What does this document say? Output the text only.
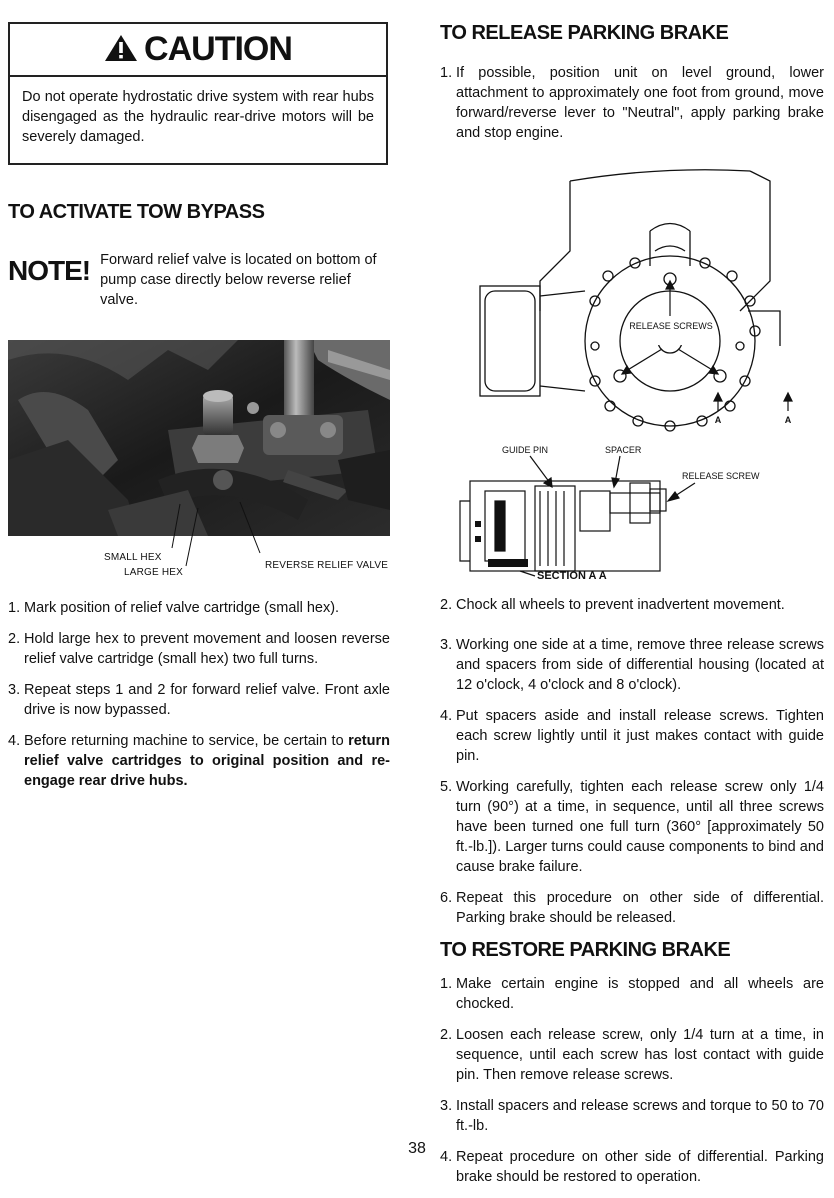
CAUTION
Do not operate hydrostatic drive system with rear hubs disengaged as the hydraulic rear-drive motors will be severely damaged.
TO ACTIVATE TOW BYPASS
NOTE! Forward relief valve is located on bottom of pump case directly below reverse relief valve.
SMALL HEX
LARGE HEX
REVERSE RELIEF VALVE
1. Mark position of relief valve cartridge (small hex).
2. Hold large hex to prevent movement and loosen reverse relief valve cartridge (small hex) two full turns.
3. Repeat steps 1 and 2 for forward relief valve. Front axle drive is now bypassed.
4. Before returning machine to service, be certain to return relief valve cartridges to original position and re-engage rear drive hubs.
TO RELEASE PARKING BRAKE
1. If possible, position unit on level ground, lower attachment to approximately one foot from ground, move forward/reverse lever to "Neutral", apply parking brake and stop engine.
RELEASE SCREWS
A	A
GUIDE PIN	SPACER
RELEASE SCREW
SECTION A A
2. Chock all wheels to prevent inadvertent movement.
3. Working one side at a time, remove three release screws and spacers from side of differential housing (located at 12 o'clock, 4 o'clock and 8 o'clock).
4. Put spacers aside and install release screws. Tighten each screw lightly until it just makes contact with guide pin.
5. Working carefully, tighten each release screw only 1/4 turn (90°) at a time, in sequence, until all three screws have been turned one full turn (360° [approximately 50 ft.-lb.]). Larger turns could cause components to bind and cause brake failure.
6. Repeat this procedure on other side of differential. Parking brake should be released.
TO RESTORE PARKING BRAKE
1. Make certain engine is stopped and all wheels are chocked.
2. Loosen each release screw, only 1/4 turn at a time, in sequence, until each screw has lost contact with guide pin. Then remove release screws.
3. Install spacers and release screws and torque to 50 to 70 ft.-lb.
4. Repeat procedure on other side of differential. Parking brake should be restored to operation.
38
